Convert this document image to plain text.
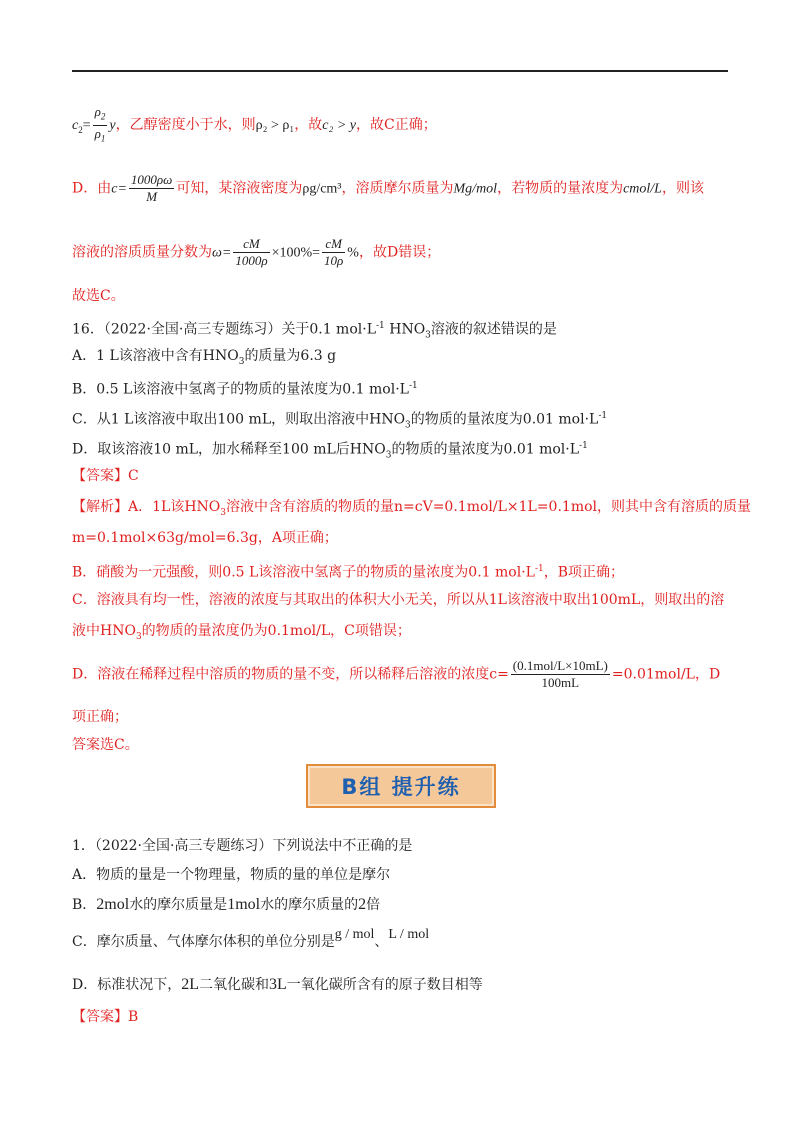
$c_2= \frac{\rho_2}{\rho_1}$ y，乙醇密度小于水，则ρ₂ > ρ₁，故c₂ > y，故C正确；
D．由$c= \frac{1000\rho\omega}{M}$ 可知，某溶液密度为ρg/cm³，溶质摩尔质量为Mg/mol，若物质的量浓度为cmol/L，则该
溶液的溶质质量分数为$\omega= \frac{cM}{1000\rho} \times 100\%= \frac{cM}{10\rho}$ %，故D错误；
故选C。
16．（2022·全国·高三专题练习）关于0.1 $mol\cdot L^{-1}$ $HNO_3$溶液的叙述错误的是
A．1 L该溶液中含有$HNO_3$的质量为6.3 g
B．0.5 L该溶液中氢离子的物质的量浓度为0.1 $mol\cdot L^{-1}$
C．从1 L该溶液中取出100 mL，则取出溶液中$HNO_3$的物质的量浓度为0.01 $mol\cdot L^{-1}$
D．取该溶液10 mL，加水稀释至100 mL后$HNO_3$的物质的量浓度为0.01 $mol\cdot L^{-1}$
【答案】C
【解析】A．1L该$HNO_3$溶液中含有溶质的物质的量n=cV=0.1mol/L×1L=0.1mol，则其中含有溶质的质量
m=0.1mol×63g/mol=6.3g，A项正确；
B．硝酸为一元强酸，则0.5 L该溶液中氢离子的物质的量浓度为0.1 $mol\cdot L^{-1}$，B项正确；
C．溶液具有均一性，溶液的浓度与其取出的体积大小无关，所以从1L该溶液中取出100mL，则取出的溶
液中$HNO_3$的物质的量浓度仍为0.1mol/L，C项错误；
D．溶液在稀释过程中溶质的物质的量不变，所以稀释后溶液的浓度$c= \frac{\text{(0.1mol/L×10mL)}}{100mL} =0.01mol/L$，D
项正确；
答案选C。
B组 提升练
1．（2022·全国·高三专题练习）下列说法中不正确的是
A．物质的量是一个物理量，物质的量的单位是摩尔
B．2mol水的摩尔质量是1mol水的摩尔质量的2倍
C．摩尔质量、气体摩尔体积的单位分别是g / mol、L / mol
D．标准状况下，2L二氧化碳和3L一氧化碳所含有的原子数目相等
【答案】B
